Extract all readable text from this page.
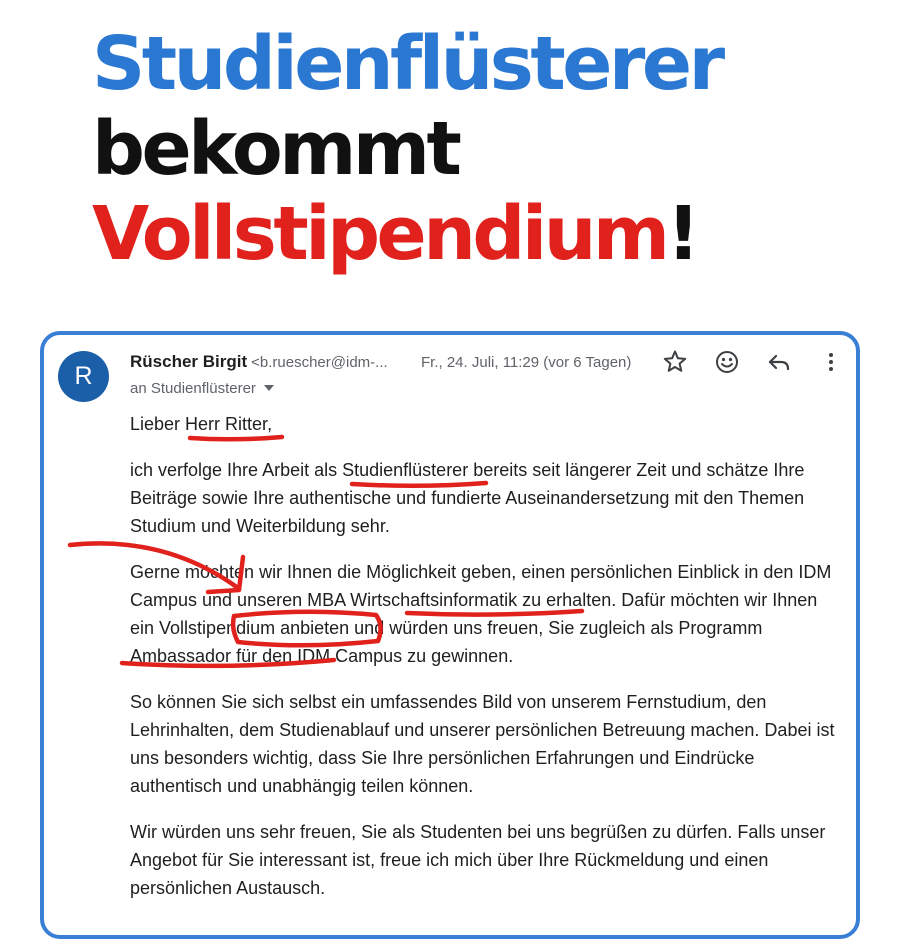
Studienflüsterer
bekommt
Vollstipendium!
R
Rüscher Birgit <b.ruescher@idm-... Fr., 24. Juli, 11:29 (vor 6 Tagen)
an Studienflüsterer

Lieber Herr Ritter,

ich verfolge Ihre Arbeit als Studienflüsterer bereits seit längerer Zeit und schätze Ihre Beiträge sowie Ihre authentische und fundierte Auseinandersetzung mit den Themen Studium und Weiterbildung sehr.

Gerne möchten wir Ihnen die Möglichkeit geben, einen persönlichen Einblick in den IDM Campus und unseren MBA Wirtschaftsinformatik zu erhalten. Dafür möchten wir Ihnen ein Vollstipendium anbieten und würden uns freuen, Sie zugleich als Programm Ambassador für den IDM Campus zu gewinnen.

So können Sie sich selbst ein umfassendes Bild von unserem Fernstudium, den Lehrinhalten, dem Studienablauf und unserer persönlichen Betreuung machen. Dabei ist uns besonders wichtig, dass Sie Ihre persönlichen Erfahrungen und Eindrücke authentisch und unabhängig teilen können.

Wir würden uns sehr freuen, Sie als Studenten bei uns begrüßen zu dürfen. Falls unser Angebot für Sie interessant ist, freue ich mich über Ihre Rückmeldung und einen persönlichen Austausch.
